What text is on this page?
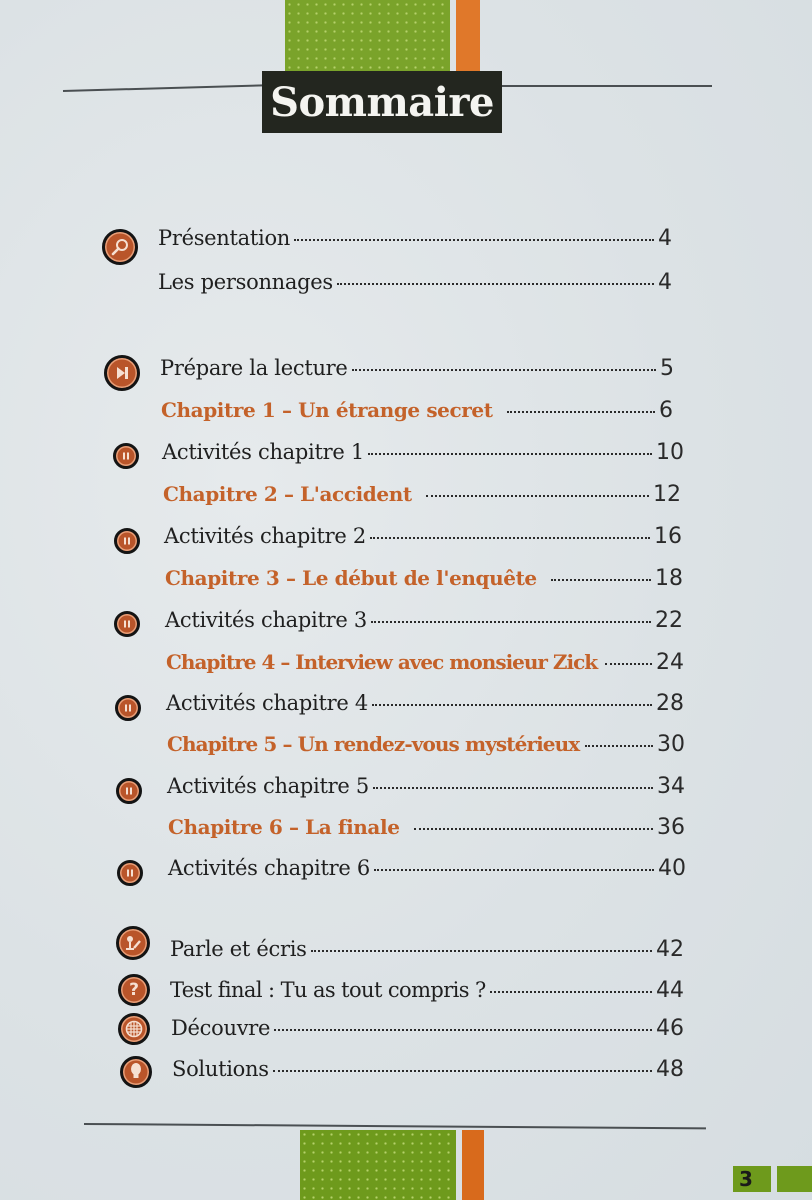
Sommaire
?
Présentation	4
Les personnages	4
Prépare la lecture	5
Chapitre 1 – Un étrange secret	6
Activités chapitre 1	10
Chapitre 2 – L'accident	12
Activités chapitre 2	16
Chapitre 3 – Le début de l'enquête	18
Activités chapitre 3	22
Chapitre 4 – Interview avec monsieur Zick	24
Activités chapitre 4	28
Chapitre 5 – Un rendez-vous mystérieux	30
Activités chapitre 5	34
Chapitre 6 – La finale	36
Activités chapitre 6	40
Parle et écris	42
Test final : Tu as tout compris ?	44
Découvre	46
Solutions	48
3
